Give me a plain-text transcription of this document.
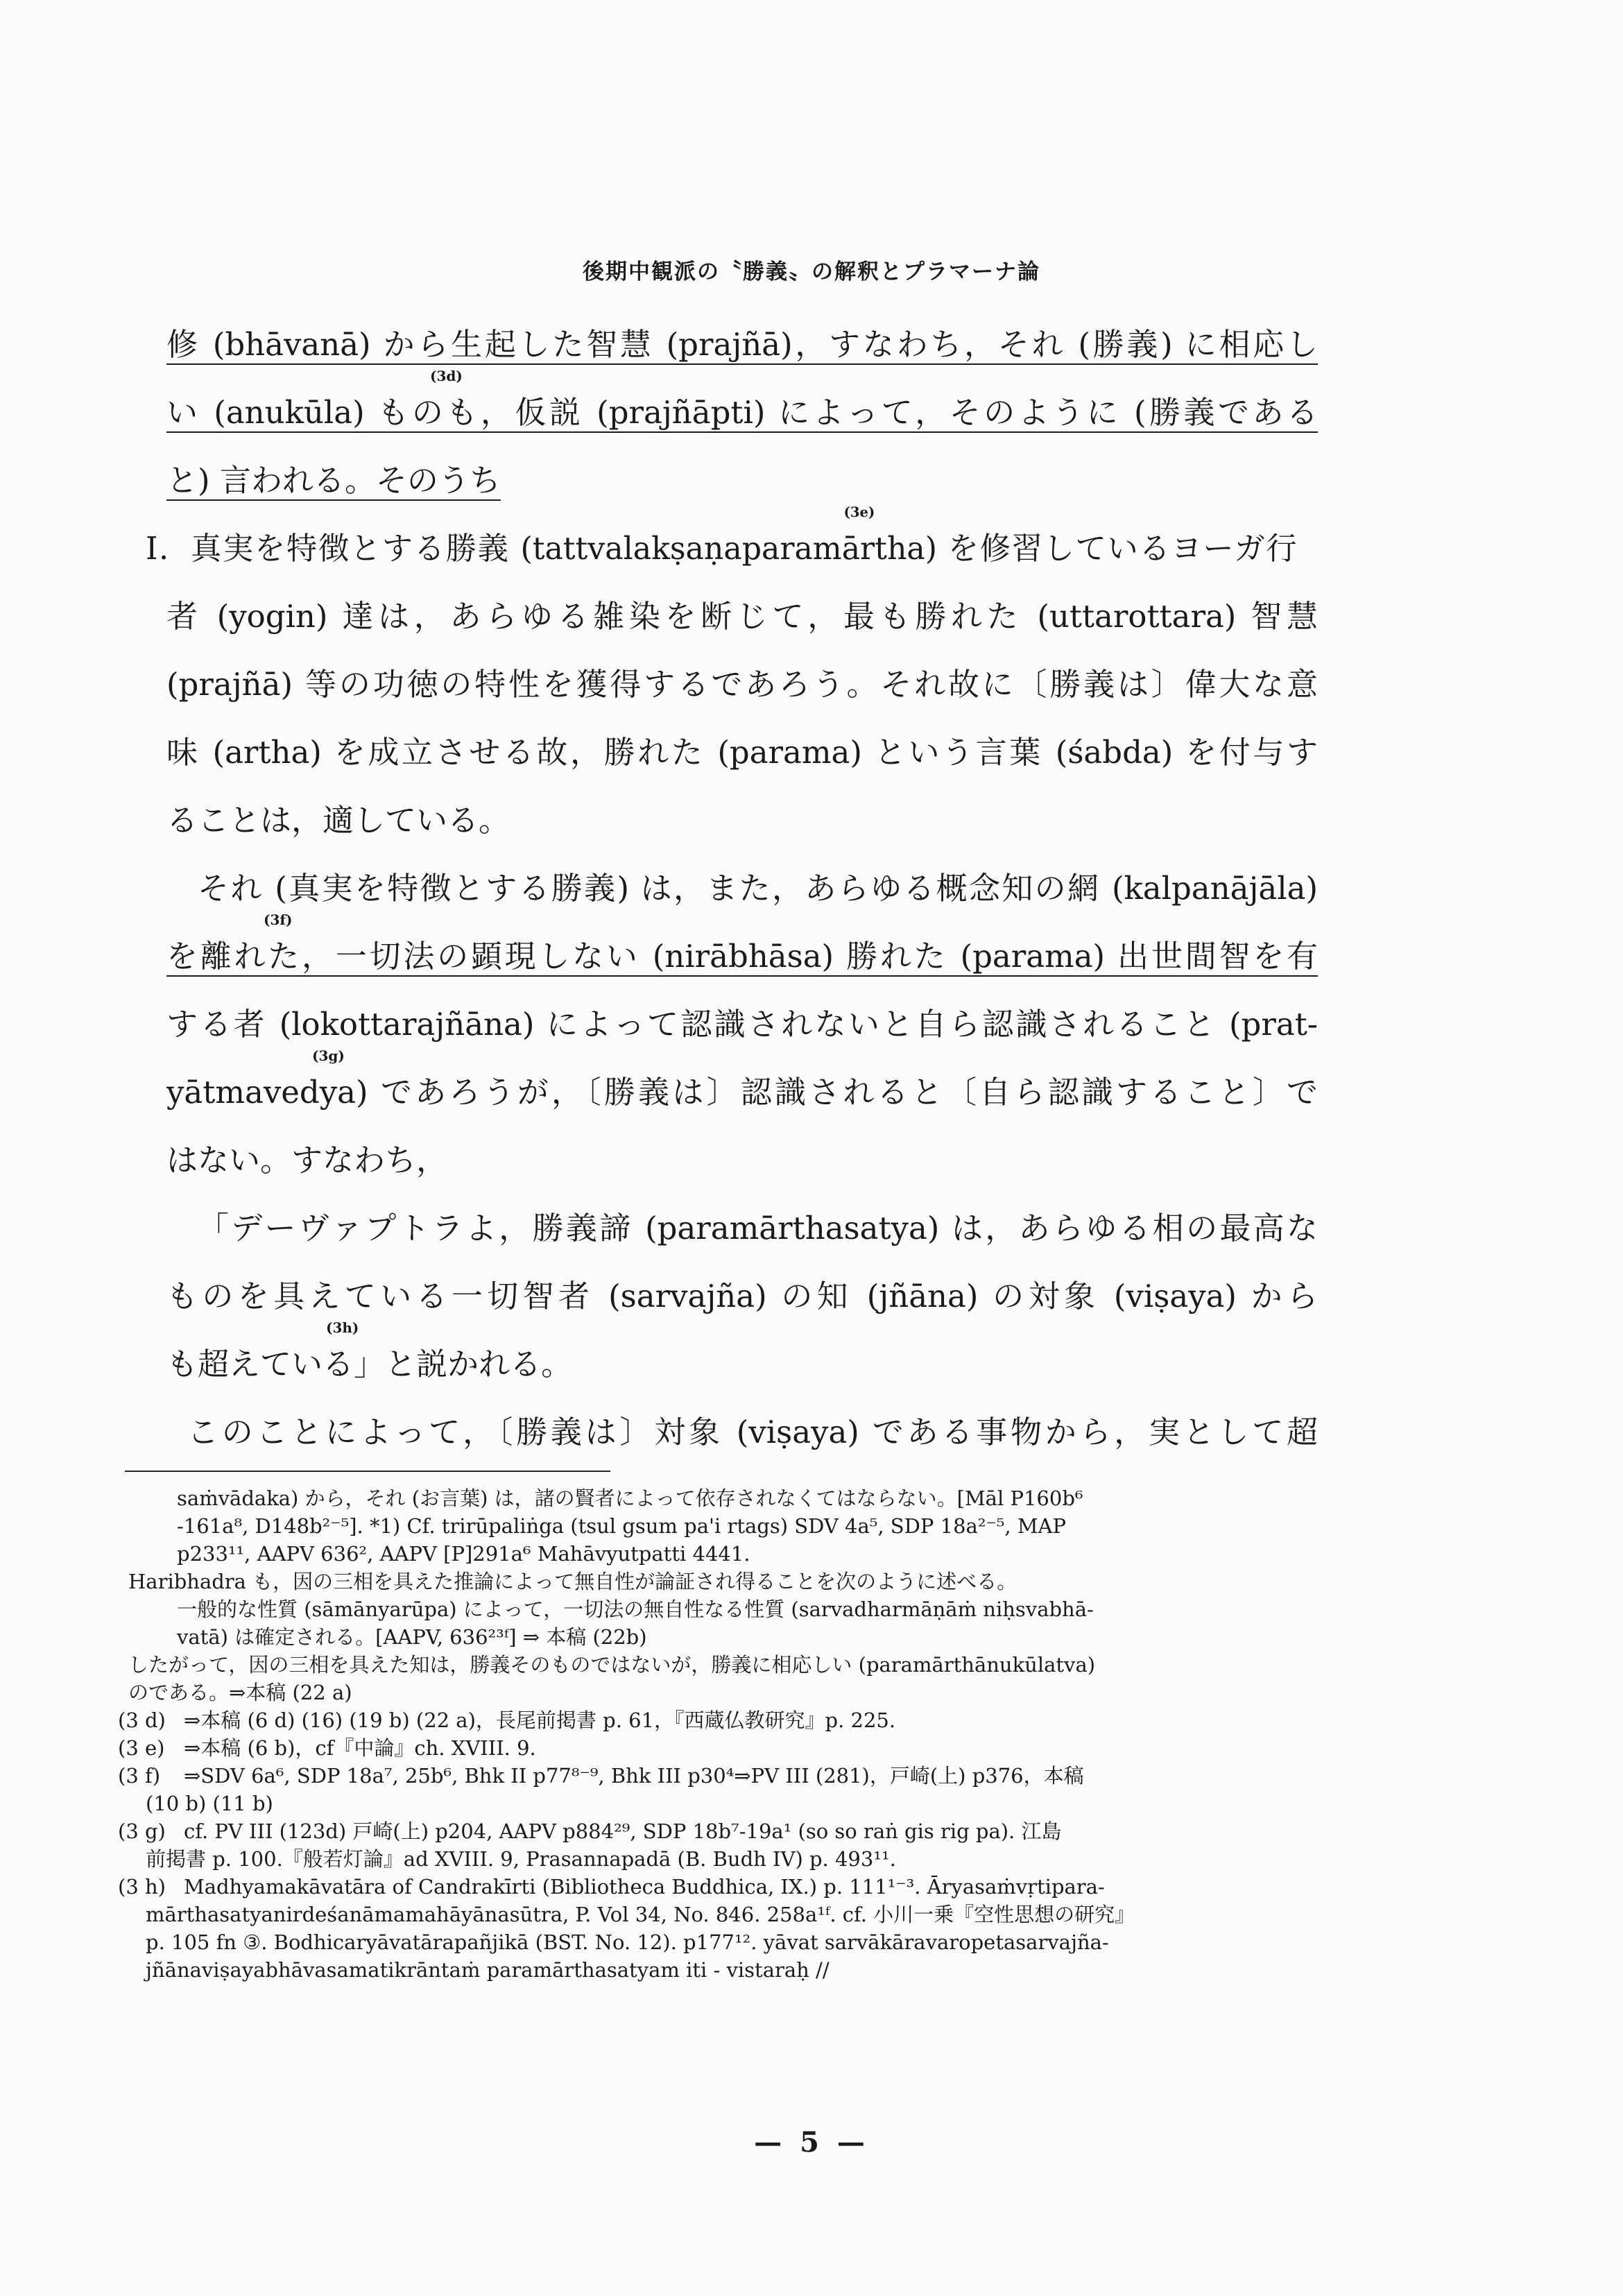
後期中観派の〝勝義〟の解釈とプラマーナ論
修 (bhāvanā) から生起した智慧 (prajñā)，すなわち，それ (勝義) に相応し
い (anukūla) ものも，仮説 (prajñāpti) によって，そのように (勝義である
(3d)
と) 言われる。そのうち
Ⅰ．真実を特徴とする勝義 (tattvalakṣaṇaparamārtha) を修習しているヨーガ行
(3e)
者 (yogin) 達は，あらゆる雑染を断じて，最も勝れた (uttarottara) 智慧
(prajñā) 等の功徳の特性を獲得するであろう。それ故に〔勝義は〕偉大な意
味 (artha) を成立させる故，勝れた (parama) という言葉 (śabda) を付与す
ることは，適している。
それ (真実を特徴とする勝義) は，また，あらゆる概念知の網 (kalpanājāla)
を離れた，一切法の顕現しない (nirābhāsa) 勝れた (parama) 出世間智を有
(3f)
する者 (lokottarajñāna) によって認識されないと自ら認識されること (prat-
yātmavedya) であろうが，〔勝義は〕認識されると〔自ら認識すること〕で
(3g)
はない。すなわち，
「デーヴァプトラよ，勝義諦 (paramārthasatya) は，あらゆる相の最高な
ものを具えている一切智者 (sarvajña) の知 (jñāna) の対象 (viṣaya) から
も超えている」と説かれる。
(3h)
このことによって，〔勝義は〕対象 (viṣaya) である事物から，実として超
saṁvādaka) から，それ (お言葉) は，諸の賢者によって依存されなくてはならない。[Māl P160b⁶
-161a⁸, D148b²⁻⁵]. *1) Cf. trirūpaliṅga (tsul gsum pa'i rtags) SDV 4a⁵, SDP 18a²⁻⁵, MAP
p233¹¹, AAPV 636², AAPV [P]291a⁶ Mahāvyutpatti 4441.
Haribhadra も，因の三相を具えた推論によって無自性が論証され得ることを次のように述べる。
一般的な性質 (sāmānyarūpa) によって，一切法の無自性なる性質 (sarvadharmāṇāṁ niḥsvabhā-
vatā) は確定される。[AAPV, 636²³ᶠ] ⇒ 本稿 (22b)
したがって，因の三相を具えた知は，勝義そのものではないが，勝義に相応しい (paramārthānukūlatva)
のである。⇒本稿 (22 a)
(3 d) ⇒本稿 (6 d) (16) (19 b) (22 a)，長尾前掲書 p. 61，『西蔵仏教研究』p. 225.
(3 e) ⇒本稿 (6 b)，cf『中論』ch. XVIII. 9.
(3 f) ⇒SDV 6a⁶, SDP 18a⁷, 25b⁶, Bhk II p77⁸⁻⁹, Bhk III p30⁴⇒PV III (281)，戸崎(上) p376，本稿
(10 b) (11 b)
(3 g) cf. PV III (123d) 戸崎(上) p204, AAPV p884²⁹, SDP 18b⁷-19a¹ (so so raṅ gis rig pa). 江島
前掲書 p. 100.『般若灯論』ad XVIII. 9, Prasannapadā (B. Budh IV) p. 493¹¹.
(3 h) Madhyamakāvatāra of Candrakīrti (Bibliotheca Buddhica, IX.) p. 111¹⁻³. Āryasaṁvṛtipara-
mārthasatyanirdeśanāmamahāyānasūtra, P. Vol 34, No. 846. 258a¹ᶠ. cf. 小川一乗『空性思想の研究』
p. 105 fn ③. Bodhicaryāvatārapañjikā (BST. No. 12). p177¹². yāvat sarvākāravaropetasarvajña-
jñānaviṣayabhāvasamatikrāntaṁ paramārthasatyam iti - vistaraḥ //
— 5 —
